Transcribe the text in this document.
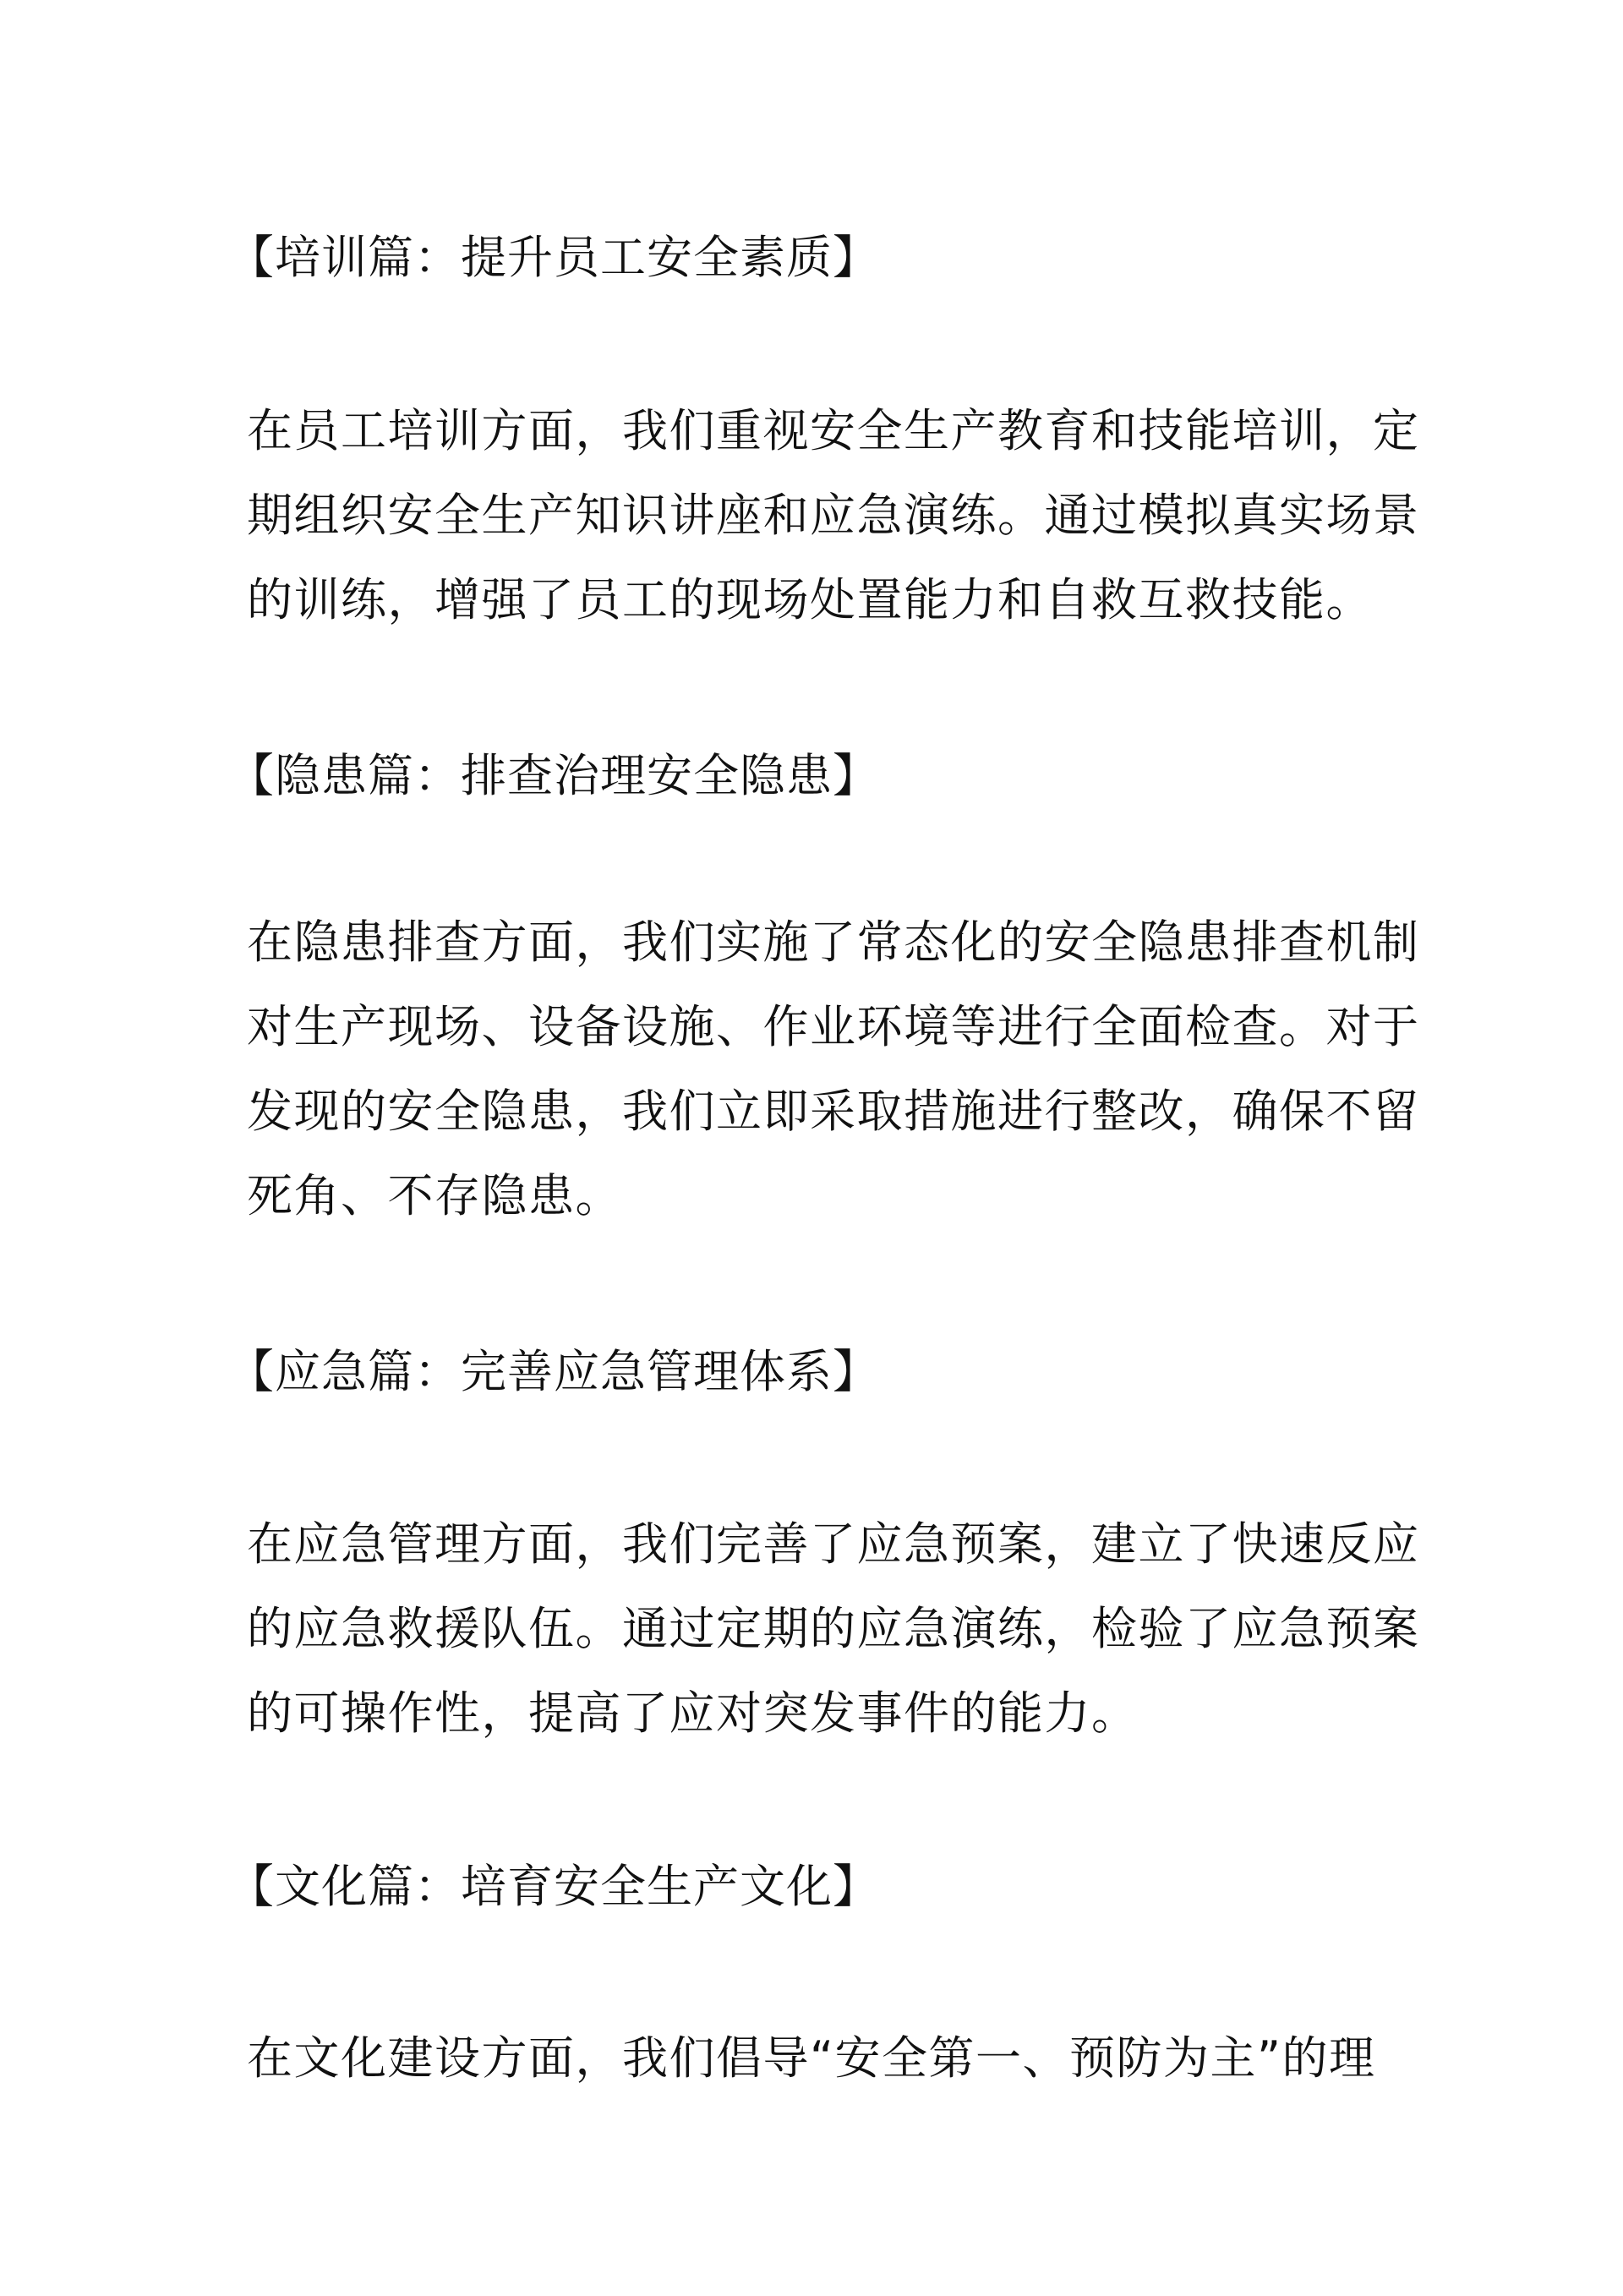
【培训篇：提升员工安全素质】

在员工培训方面，我们重视安全生产教育和技能培训，定
期组织安全生产知识讲座和应急演练。通过模拟真实场景
的训练，增强了员工的现场处置能力和自救互救技能。

【隐患篇：排查治理安全隐患】

在隐患排查方面，我们实施了常态化的安全隐患排查机制
对生产现场、设备设施、作业环境等进行全面检查。对于
发现的安全隐患，我们立即采取措施进行整改，确保不留
死角、不存隐患。

【应急篇：完善应急管理体系】

在应急管理方面，我们完善了应急预案，建立了快速反应
的应急救援队伍。通过定期的应急演练，检验了应急预案
的可操作性，提高了应对突发事件的能力。

【文化篇：培育安全生产文化】

在文化建设方面，我们倡导“安全第一、预防为主”的理
